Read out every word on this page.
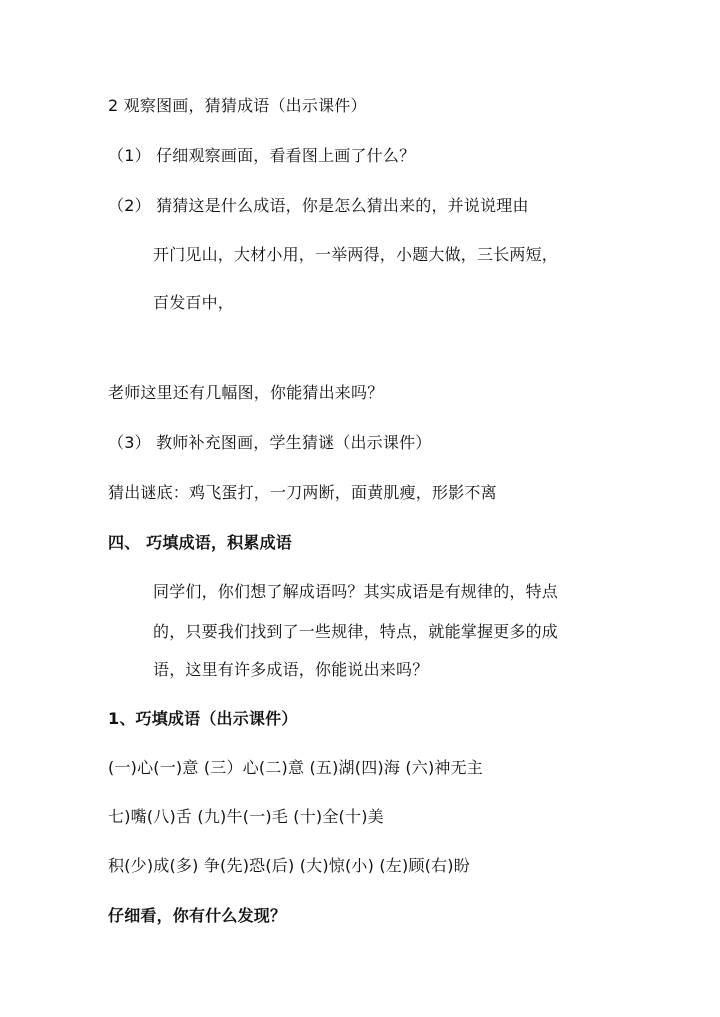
2 观察图画，猜猜成语（出示课件）
（1） 仔细观察画面，看看图上画了什么？
（2） 猜猜这是什么成语，你是怎么猜出来的，并说说理由
开门见山，大材小用，一举两得，小题大做，三长两短，
百发百中，
老师这里还有几幅图，你能猜出来吗？
（3） 教师补充图画，学生猜谜（出示课件）
猜出谜底：鸡飞蛋打，一刀两断，面黄肌瘦，形影不离
四、 巧填成语，积累成语
同学们，你们想了解成语吗？其实成语是有规律的，特点
的，只要我们找到了一些规律，特点，就能掌握更多的成
语，这里有许多成语，你能说出来吗？
1、巧填成语（出示课件）
(一)心(一)意 (三）心(二)意 (五)湖(四)海 (六)神无主
七)嘴(八)舌 (九)牛(一)毛 (十)全(十)美
积(少)成(多) 争(先)恐(后) (大)惊(小) (左)顾(右)盼
仔细看，你有什么发现？
